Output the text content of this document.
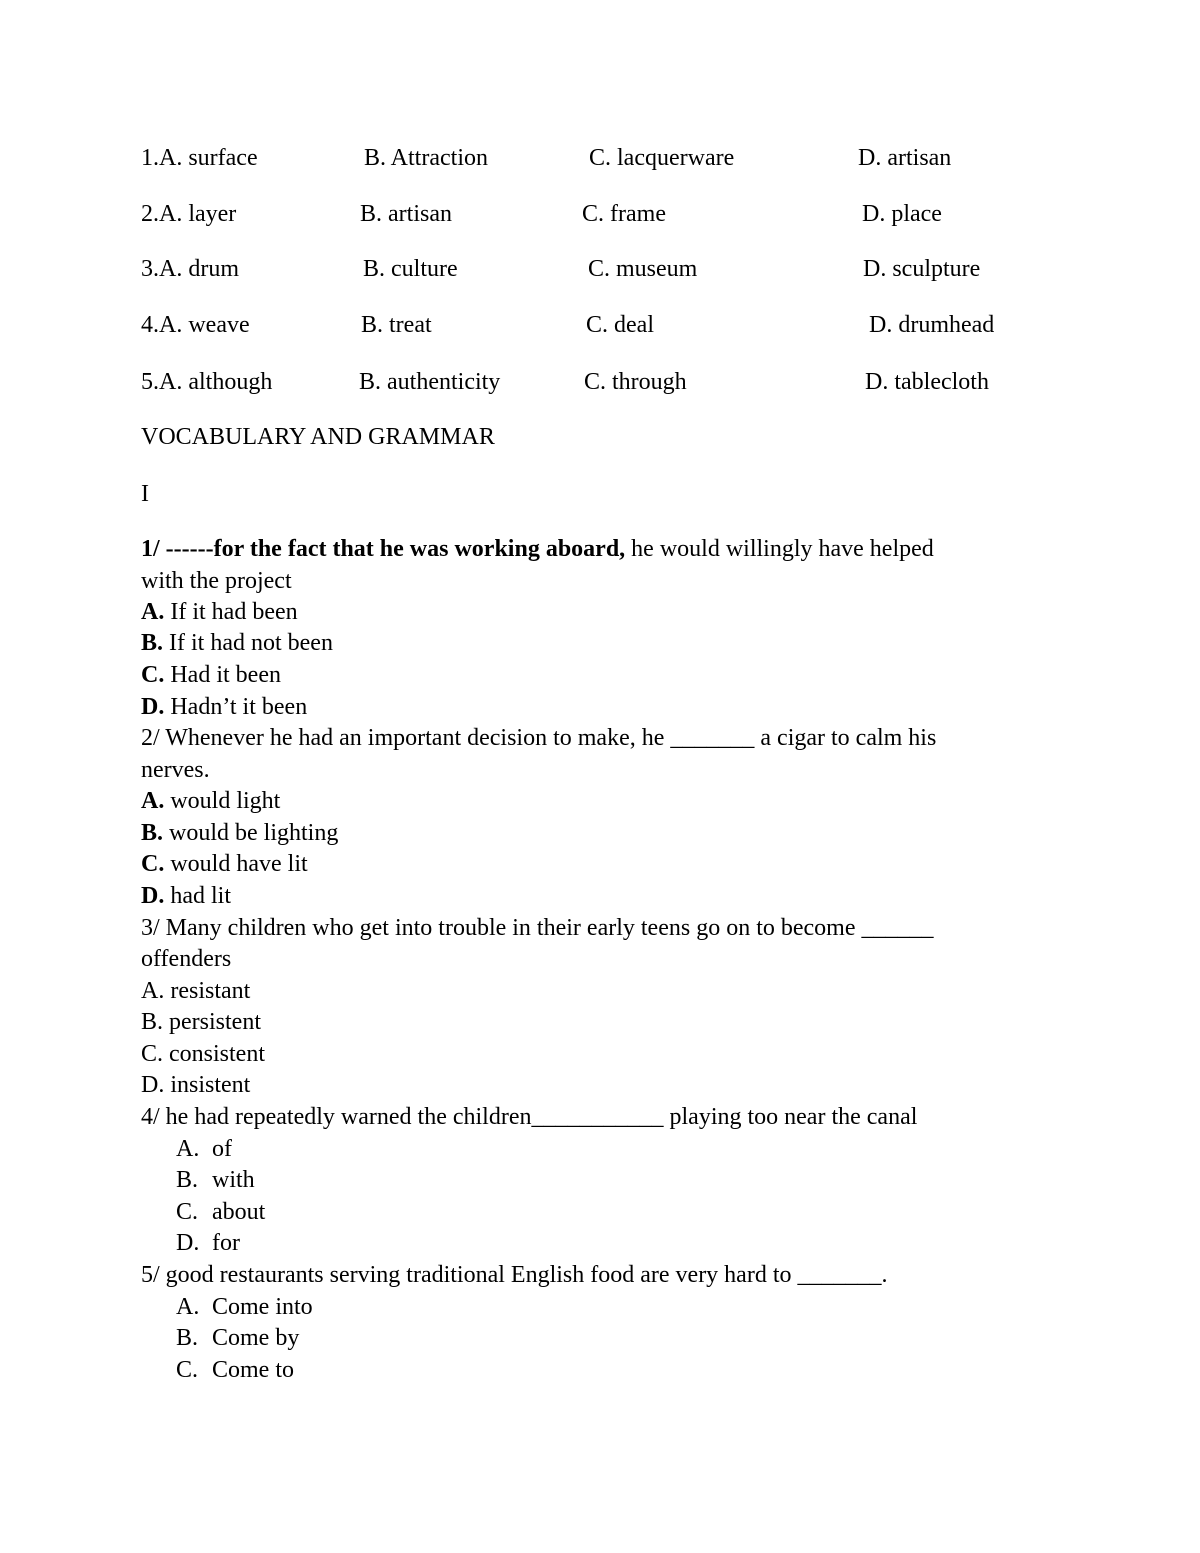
1.A. surface	B. Attraction	C. lacquerware	D. artisan
2.A. layer	B. artisan	C. frame	D. place
3.A. drum	B. culture	C. museum	D. sculpture
4.A. weave	B. treat	C. deal	D. drumhead
5.A. although	B. authenticity	C. through	D. tablecloth
VOCABULARY AND GRAMMAR
I
1/ ------for the fact that he was working aboard, he would willingly have helped
with the project
A. If it had been
B. If it had not been
C. Had it been
D. Hadn’t it been
2/ Whenever he had an important decision to make, he _______ a cigar to calm his
nerves.
A. would light
B. would be lighting
C. would have lit
D. had lit
3/ Many children who get into trouble in their early teens go on to become ______
offenders
A. resistant
B. persistent
C. consistent
D. insistent
4/ he had repeatedly warned the children___________ playing too near the canal
A. of
B. with
C. about
D. for
5/ good restaurants serving traditional English food are very hard to _______.
A. Come into
B. Come by
C. Come to
